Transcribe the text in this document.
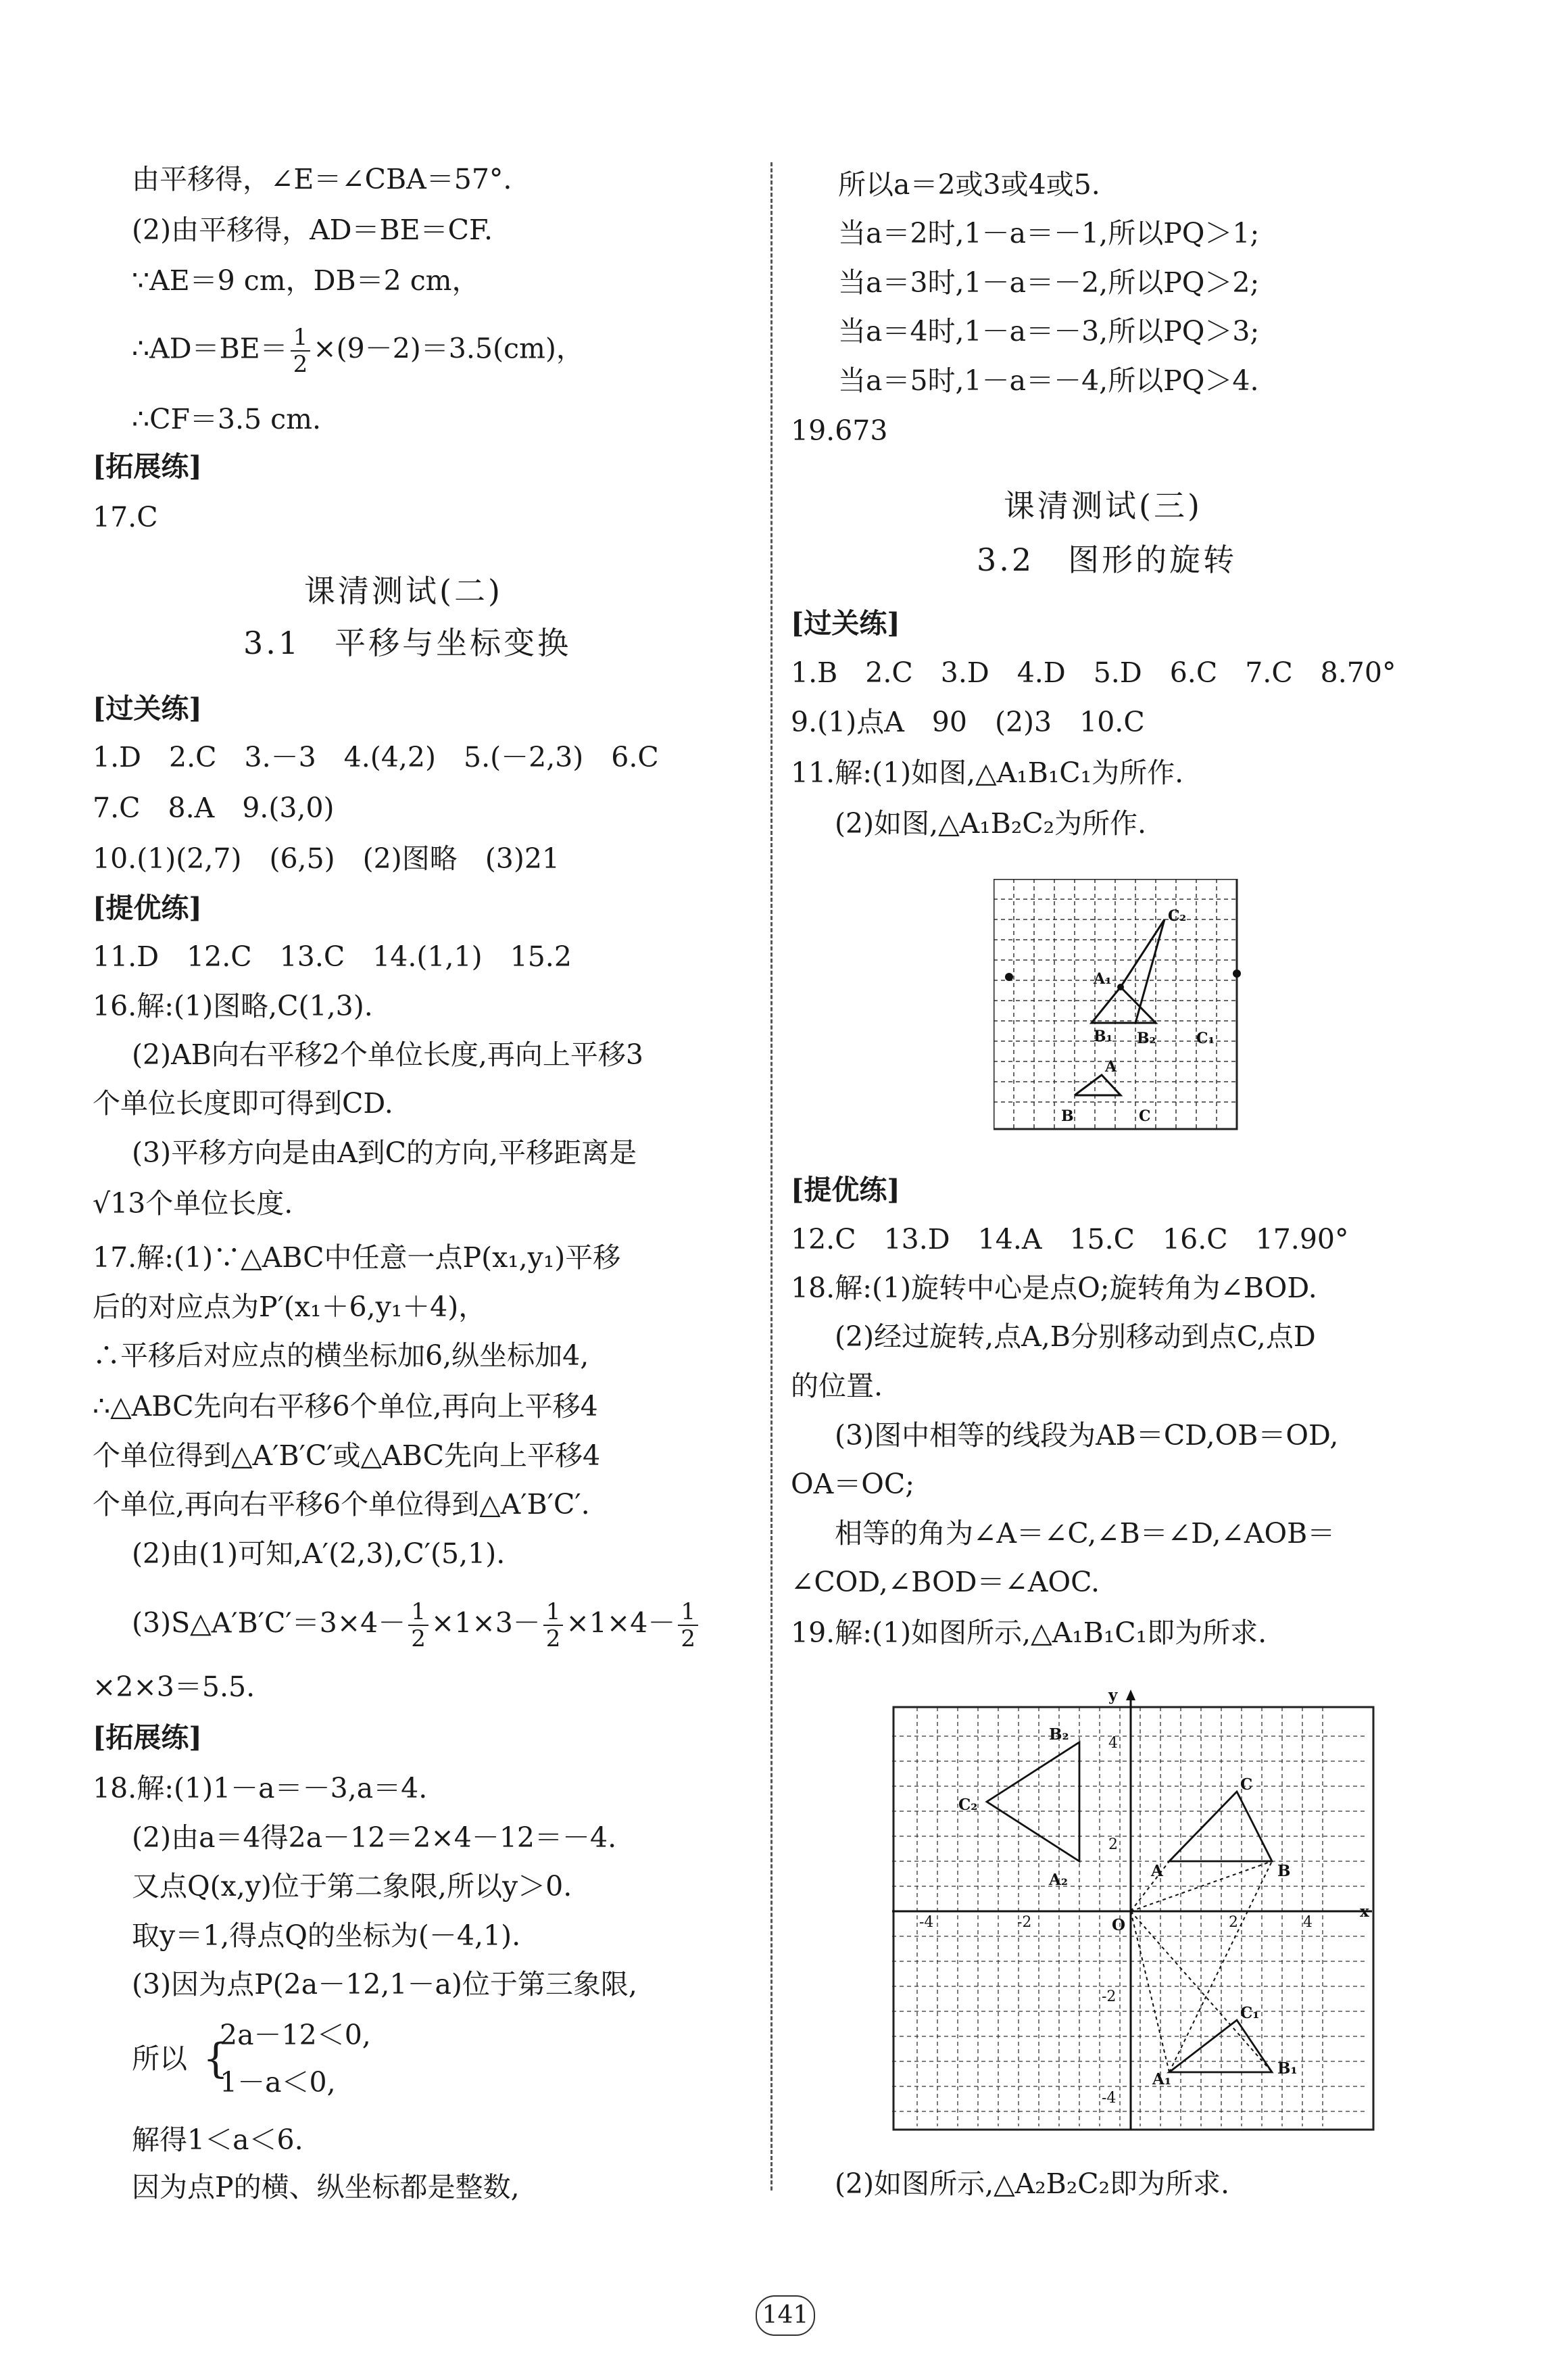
由平移得，∠E＝∠CBA＝57°.
(2)由平移得，AD＝BE＝CF.
∵AE＝9 cm，DB＝2 cm，
∴AD＝BE＝ $\frac{1}{2} \times(9-2)=3.5(cm)$，
∴CF＝3.5 cm.
[拓展练]
17.C
课清测试(二)
3.1　平移与坐标变换
[过关练]
1.D　2.C　3.－3　4.(4,2)　5.(－2,3)　6.C
7.C　8.A　9.(3,0)
10.(1)(2,7)　(6,5)　(2)图略　(3)21
[提优练]
11.D　12.C　13.C　14.(1,1)　15.2
16.解:(1)图略,C(1,3).
(2)AB向右平移2个单位长度,再向上平移3
个单位长度即可得到CD.
(3)平移方向是由A到C的方向,平移距离是
√13个单位长度.
17.解:(1)∵△ABC中任意一点P(x₁,y₁)平移
后的对应点为P′(x₁＋6,y₁＋4)，
∴平移后对应点的横坐标加6,纵坐标加4,
∴△ABC先向右平移6个单位,再向上平移4
个单位得到△A′B′C′或△ABC先向上平移4
个单位,再向右平移6个单位得到△A′B′C′.
(2)由(1)可知,A′(2,3),C′(5,1).
(3)S△A′B′C′＝3×4－ $\frac{1}{2} \times 1\times 3- \frac{1}{2} \times 1\times 4- \frac{1}{2}$
×2×3＝5.5.
[拓展练]
18.解:(1)1－a＝－3,a＝4.
(2)由a＝4得2a－12＝2×4－12＝－4.
又点Q(x,y)位于第二象限,所以y＞0.
取y＝1,得点Q的坐标为(－4,1).
(3)因为点P(2a－12,1－a)位于第三象限,
所以 {
2a－12＜0,
1－a＜0,
解得1＜a＜6.
因为点P的横、纵坐标都是整数,
所以a＝2或3或4或5.
当a＝2时,1－a＝－1,所以PQ＞1;
当a＝3时,1－a＝－2,所以PQ＞2;
当a＝4时,1－a＝－3,所以PQ＞3;
当a＝5时,1－a＝－4,所以PQ＞4.
19.673
课清测试(三)
3.2　图形的旋转
[过关练]
1.B　2.C　3.D　4.D　5.D　6.C　7.C　8.70°
9.(1)点A　90　(2)3　10.C
11.解:(1)如图,△A₁B₁C₁为所作.
(2)如图,△A₁B₂C₂为所作.
C₂
A₁
B₁ B₂	C₁
A
B	C
[提优练]
12.C　13.D　14.A　15.C　16.C　17.90°
18.解:(1)旋转中心是点O;旋转角为∠BOD.
(2)经过旋转,点A,B分别移动到点C,点D
的位置.
(3)图中相等的线段为AB＝CD,OB＝OD,
OA＝OC;
相等的角为∠A＝∠C,∠B＝∠D,∠AOB＝
∠COD,∠BOD＝∠AOC.
19.解:(1)如图所示,△A₁B₁C₁即为所求.
y
x
O
B₂
C₂
A₂
C
A	B
C₁
B₁
A₁
4
2
-2
-4
-4	-2	2	4
(2)如图所示,△A₂B₂C₂即为所求.
141
